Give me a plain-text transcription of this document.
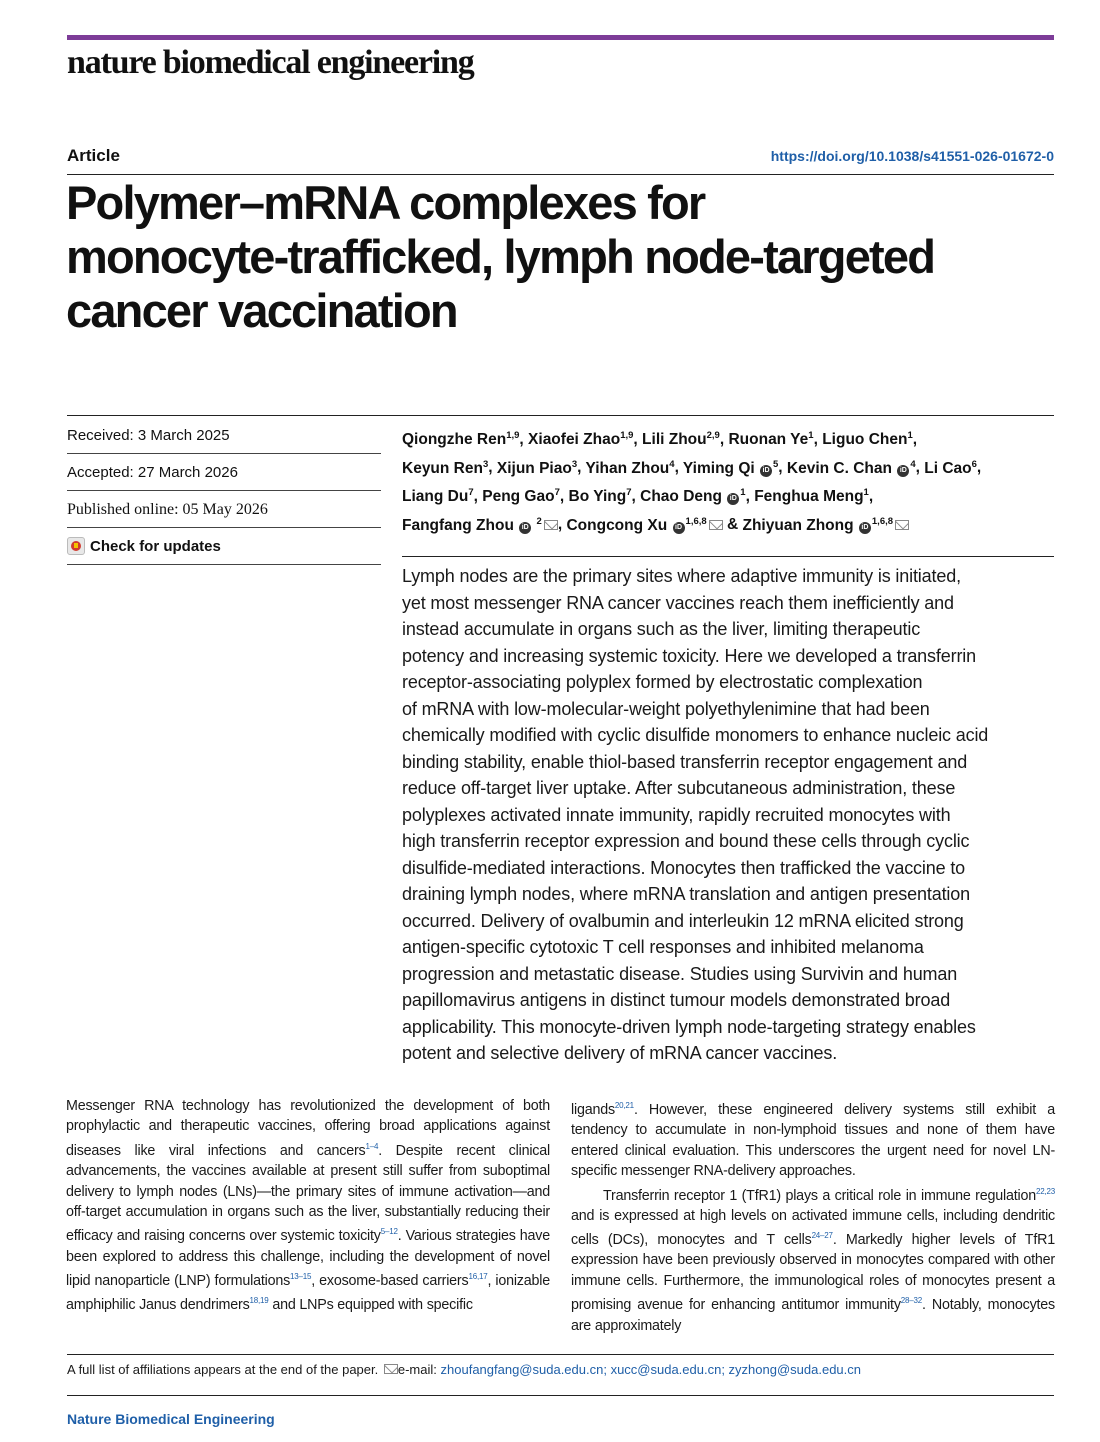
nature biomedical engineering
Article	https://doi.org/10.1038/s41551-026-01672-0
Polymer–mRNA complexes for
monocyte-trafficked, lymph node-targeted
cancer vaccination
Received: 3 March 2025
Accepted: 27 March 2026
Published online: 05 May 2026
Check for updates
Qiongzhe Ren$^{1,9}$, Xiaofei Zhao$^{1,9}$, Lili Zhou$^{2,9}$, Ruonan Ye$^1$, Liguo Chen$^1$,
Keyun Ren$^3$, Xijun Piao$^3$, Yihan Zhou$^4$, Yiming Qi $iD^5$, Kevin C. Chan $iD^4$, Li Cao$^6$,
Liang Du$^7$, Peng Gao$^7$, Bo Ying$^7$, Chao Deng $iD^1$, Fenghua Meng$^1$,
Fangfang Zhou iD $^2$ , Congcong Xu iD$^{1,6,8}$ & Zhiyuan Zhong iD$^{1,6,8}$
Lymph nodes are the primary sites where adaptive immunity is initiated,
yet most messenger RNA cancer vaccines reach them inefficiently and
instead accumulate in organs such as the liver, limiting therapeutic
potency and increasing systemic toxicity. Here we developed a transferrin
receptor-associating polyplex formed by electrostatic complexation
of mRNA with low-molecular-weight polyethylenimine that had been
chemically modified with cyclic disulfide monomers to enhance nucleic acid
binding stability, enable thiol-based transferrin receptor engagement and
reduce off-target liver uptake. After subcutaneous administration, these
polyplexes activated innate immunity, rapidly recruited monocytes with
high transferrin receptor expression and bound these cells through cyclic
disulfide-mediated interactions. Monocytes then trafficked the vaccine to
draining lymph nodes, where mRNA translation and antigen presentation
occurred. Delivery of ovalbumin and interleukin 12 mRNA elicited strong
antigen-specific cytotoxic T cell responses and inhibited melanoma
progression and metastatic disease. Studies using Survivin and human
papillomavirus antigens in distinct tumour models demonstrated broad
applicability. This monocyte-driven lymph node-targeting strategy enables
potent and selective delivery of mRNA cancer vaccines.

Messenger RNA technology has revolutionized the development of both prophylactic and therapeutic vaccines, offering broad applications against diseases like viral infections and cancers$^{1-4}$. Despite recent clinical advancements, the vaccines available at present still suffer from suboptimal delivery to lymph nodes (LNs)—the primary sites of immune activation—and off-target accumulation in organs such as the liver, substantially reducing their efficacy and raising concerns over systemic toxicity$^{5-12}$. Various strategies have been explored to address this challenge, including the development of novel lipid nanoparticle (LNP) formulations$^{13-15}$, exosome-based carriers$^{16,17}$, ionizable amphiphilic Janus dendrimers$^{18,19}$ and LNPs equipped with specific

ligands$^{20,21}$. However, these engineered delivery systems still exhibit a tendency to accumulate in non-lymphoid tissues and none of them have entered clinical evaluation. This underscores the urgent need for novel LN-specific messenger RNA-delivery approaches.

Transferrin receptor 1 (TfR1) plays a critical role in immune regulation$^{22,23}$ and is expressed at high levels on activated immune cells, including dendritic cells (DCs), monocytes and T cells$^{24-27}$. Markedly higher levels of TfR1 expression have been previously observed in monocytes compared with other immune cells. Furthermore, the immunological roles of monocytes present a promising avenue for enhancing antitumor immunity$^{28-32}$. Notably, monocytes are approximately

A full list of affiliations appears at the end of the paper. e-mail: zhoufangfang@suda.edu.cn; xucc@suda.edu.cn; zyzhong@suda.edu.cn
Nature Biomedical Engineering
